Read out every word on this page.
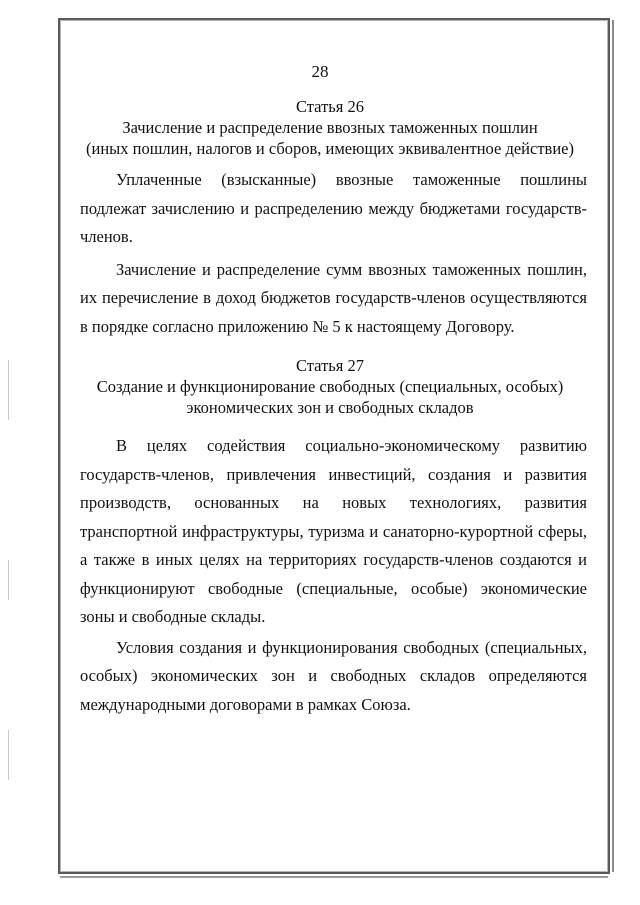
28
Статья 26
Зачисление и распределение ввозных таможенных пошлин
(иных пошлин, налогов и сборов, имеющих эквивалентное действие)

Уплаченные (взысканные) ввозные таможенные пошлины подлежат зачислению и распределению между бюджетами государств-членов.

Зачисление и распределение сумм ввозных таможенных пошлин, их перечисление в доход бюджетов государств-членов осуществляются в порядке согласно приложению № 5 к настоящему Договору.

Статья 27
Создание и функционирование свободных (специальных, особых)
экономических зон и свободных складов

В целях содействия социально-экономическому развитию государств-членов, привлечения инвестиций, создания и развития производств, основанных на новых технологиях, развития транспортной инфраструктуры, туризма и санаторно-курортной сферы, а также в иных целях на территориях государств-членов создаются и функционируют свободные (специальные, особые) экономические зоны и свободные склады.

Условия создания и функционирования свободных (специальных, особых) экономических зон и свободных складов определяются международными договорами в рамках Союза.
